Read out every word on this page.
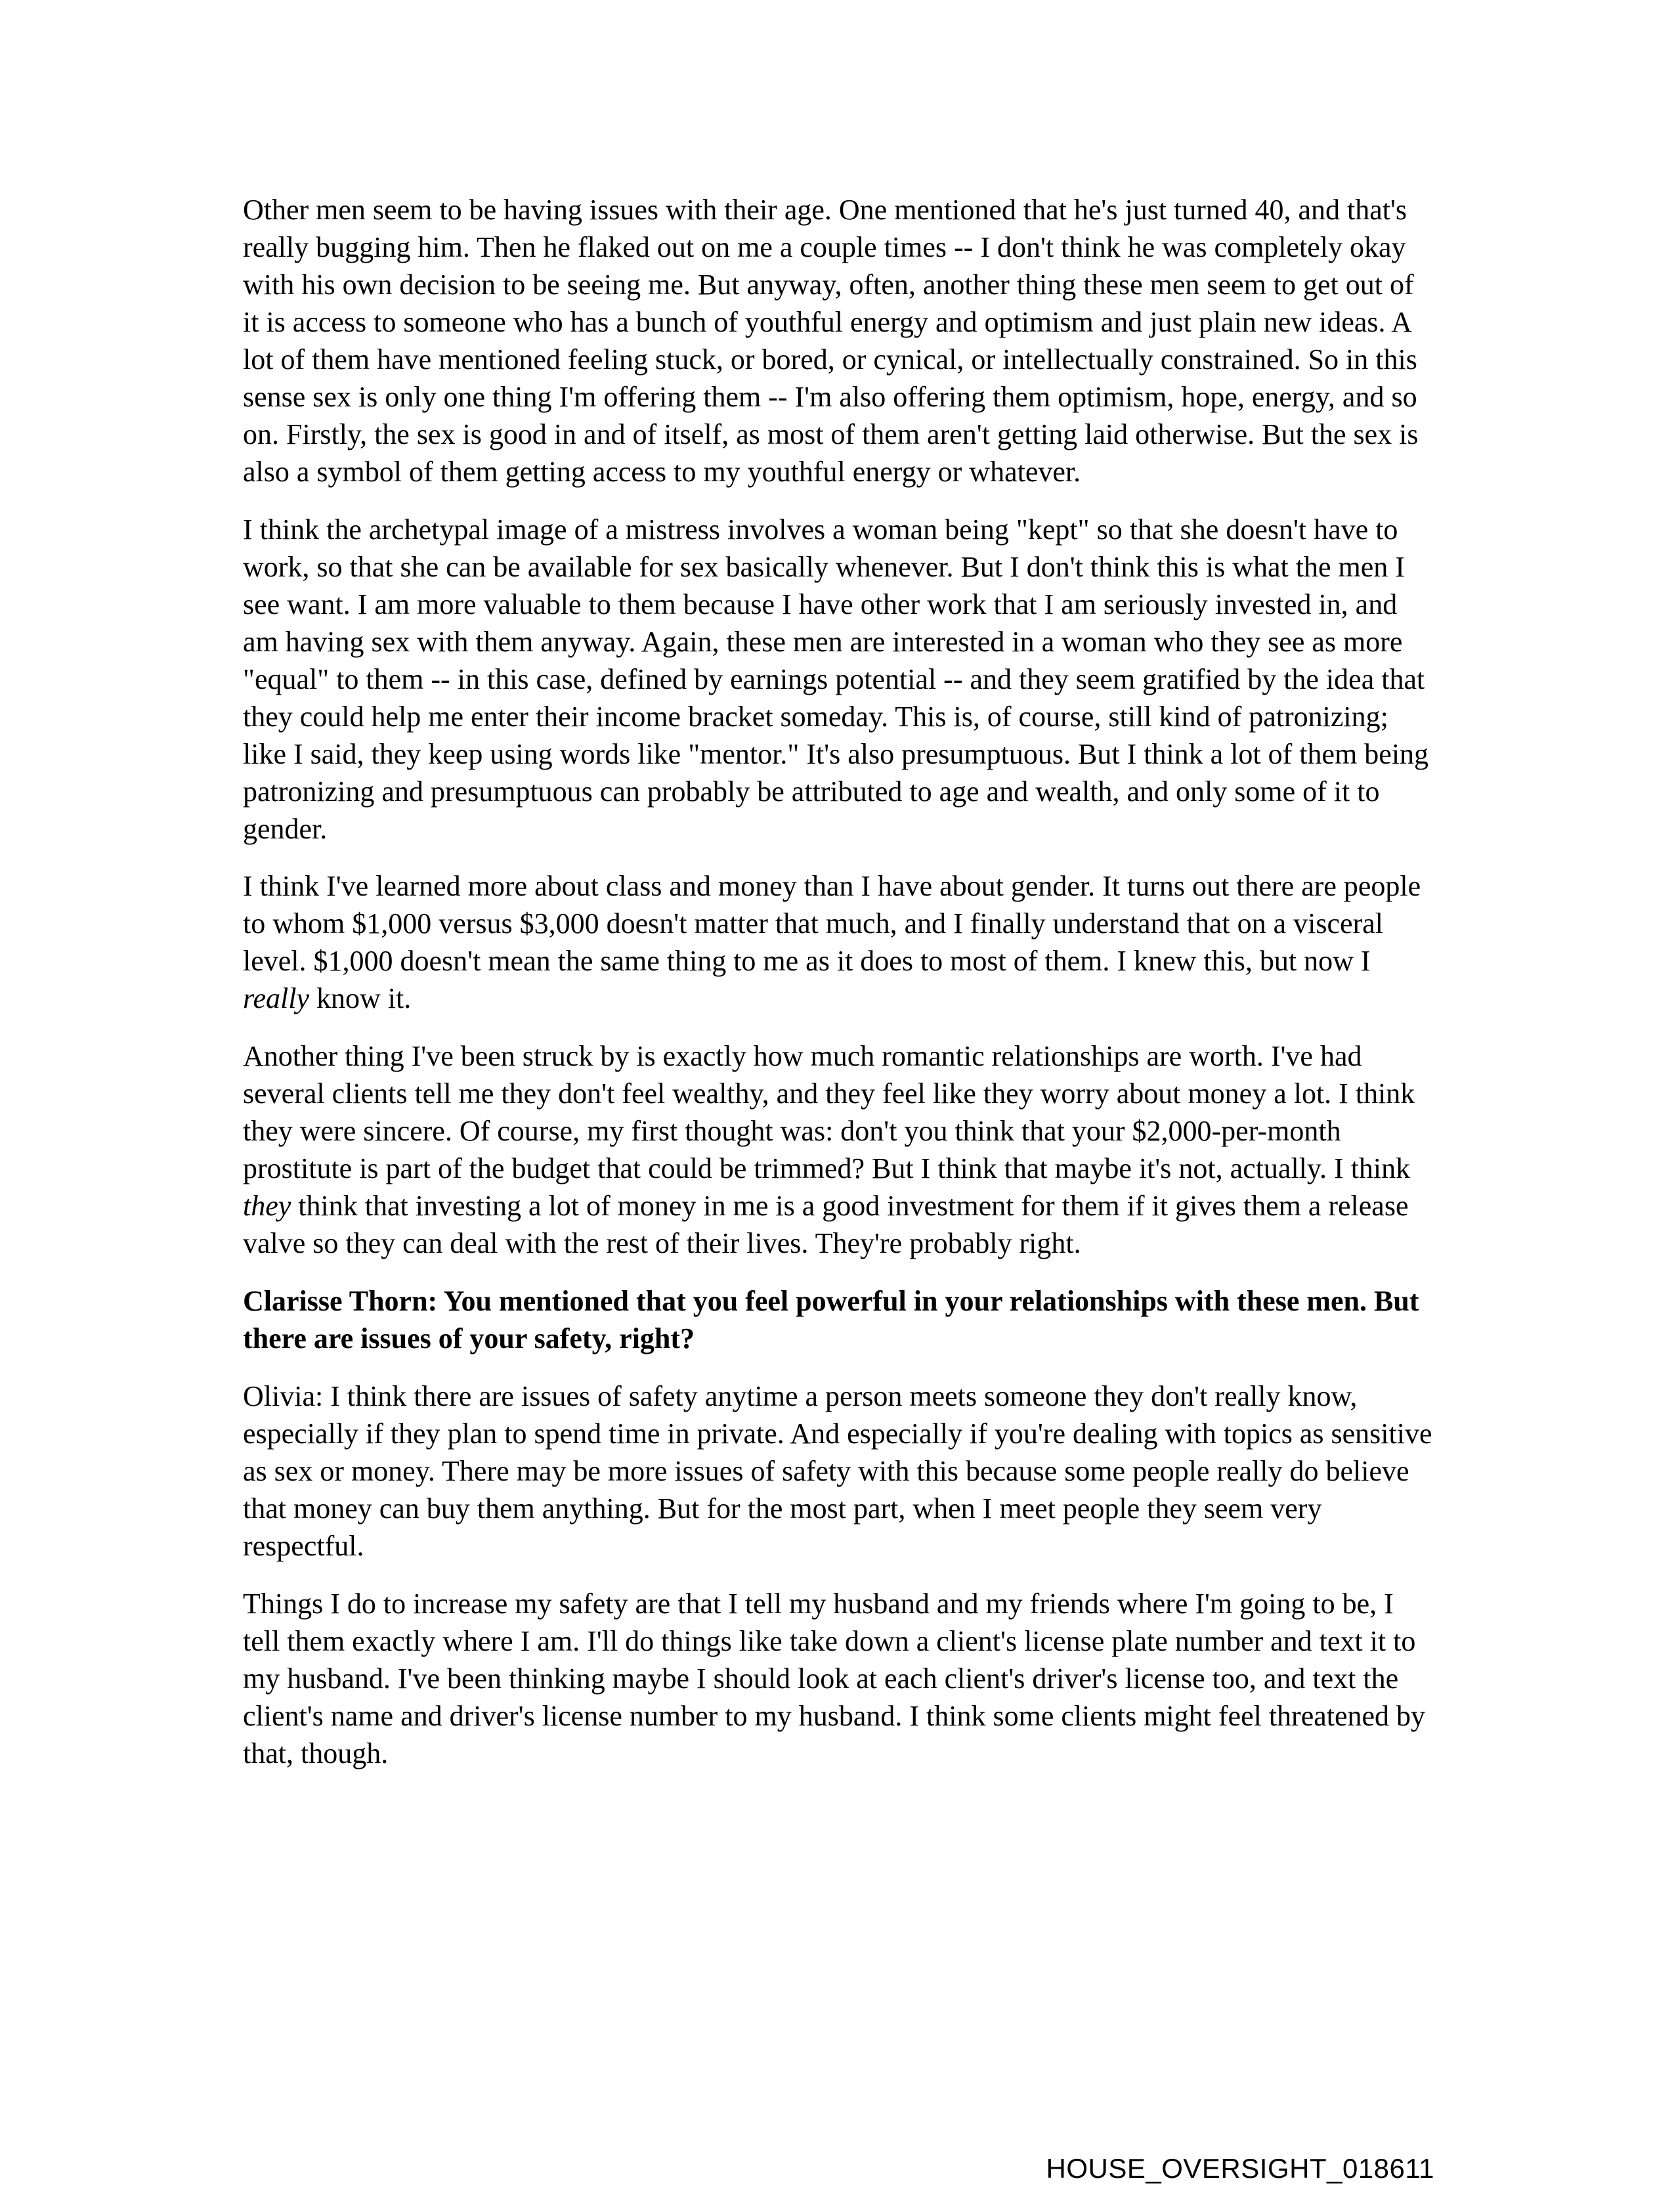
Other men seem to be having issues with their age. One mentioned that he's just turned 40, and that's really bugging him. Then he flaked out on me a couple times -- I don't think he was completely okay with his own decision to be seeing me. But anyway, often, another thing these men seem to get out of it is access to someone who has a bunch of youthful energy and optimism and just plain new ideas. A lot of them have mentioned feeling stuck, or bored, or cynical, or intellectually constrained. So in this sense sex is only one thing I'm offering them -- I'm also offering them optimism, hope, energy, and so on. Firstly, the sex is good in and of itself, as most of them aren't getting laid otherwise. But the sex is also a symbol of them getting access to my youthful energy or whatever.

I think the archetypal image of a mistress involves a woman being "kept" so that she doesn't have to work, so that she can be available for sex basically whenever. But I don't think this is what the men I see want. I am more valuable to them because I have other work that I am seriously invested in, and am having sex with them anyway. Again, these men are interested in a woman who they see as more "equal" to them -- in this case, defined by earnings potential -- and they seem gratified by the idea that they could help me enter their income bracket someday. This is, of course, still kind of patronizing; like I said, they keep using words like "mentor." It's also presumptuous. But I think a lot of them being patronizing and presumptuous can probably be attributed to age and wealth, and only some of it to gender.

I think I've learned more about class and money than I have about gender. It turns out there are people to whom $1,000 versus $3,000 doesn't matter that much, and I finally understand that on a visceral level. $1,000 doesn't mean the same thing to me as it does to most of them. I knew this, but now I really know it.

Another thing I've been struck by is exactly how much romantic relationships are worth. I've had several clients tell me they don't feel wealthy, and they feel like they worry about money a lot. I think they were sincere. Of course, my first thought was: don't you think that your $2,000-per-month prostitute is part of the budget that could be trimmed? But I think that maybe it's not, actually. I think they think that investing a lot of money in me is a good investment for them if it gives them a release valve so they can deal with the rest of their lives. They're probably right.

Clarisse Thorn: You mentioned that you feel powerful in your relationships with these men. But there are issues of your safety, right?

Olivia: I think there are issues of safety anytime a person meets someone they don't really know, especially if they plan to spend time in private. And especially if you're dealing with topics as sensitive as sex or money. There may be more issues of safety with this because some people really do believe that money can buy them anything. But for the most part, when I meet people they seem very respectful.

Things I do to increase my safety are that I tell my husband and my friends where I'm going to be, I tell them exactly where I am. I'll do things like take down a client's license plate number and text it to my husband. I've been thinking maybe I should look at each client's driver's license too, and text the client's name and driver's license number to my husband. I think some clients might feel threatened by that, though.

HOUSE_OVERSIGHT_018611
